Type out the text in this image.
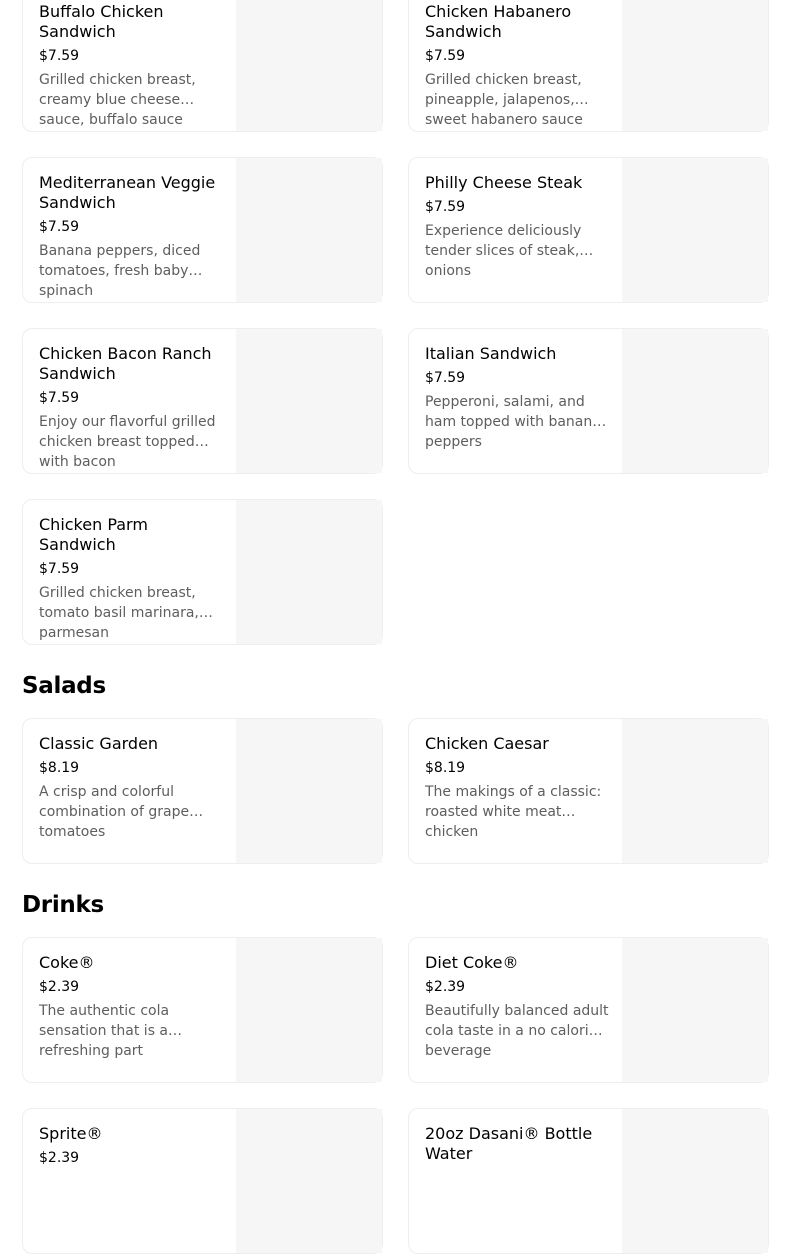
Buffalo Chicken Sandwich
$7.59
Grilled chicken breast, creamy blue cheese sauce, buffalo sauce
Chicken Habanero Sandwich
$7.59
Grilled chicken breast, pineapple, jalapenos, sweet habanero sauce
Mediterranean Veggie Sandwich
$7.59
Banana peppers, diced tomatoes, fresh baby spinach
Philly Cheese Steak
$7.59
Experience deliciously tender slices of steak, onions
Chicken Bacon Ranch Sandwich
$7.59
Enjoy our flavorful grilled chicken breast topped with bacon
Italian Sandwich
$7.59
Pepperoni, salami, and ham topped with banana peppers
Chicken Parm Sandwich
$7.59
Grilled chicken breast, tomato basil marinara, parmesan
Salads
Classic Garden
$8.19
A crisp and colorful combination of grape tomatoes
Chicken Caesar
$8.19
The makings of a classic: roasted white meat chicken
Drinks
Coke®
$2.39
The authentic cola sensation that is a refreshing part
Diet Coke®
$2.39
Beautifully balanced adult cola taste in a no calorie beverage
Sprite®
$2.39
20oz Dasani® Bottle Water
